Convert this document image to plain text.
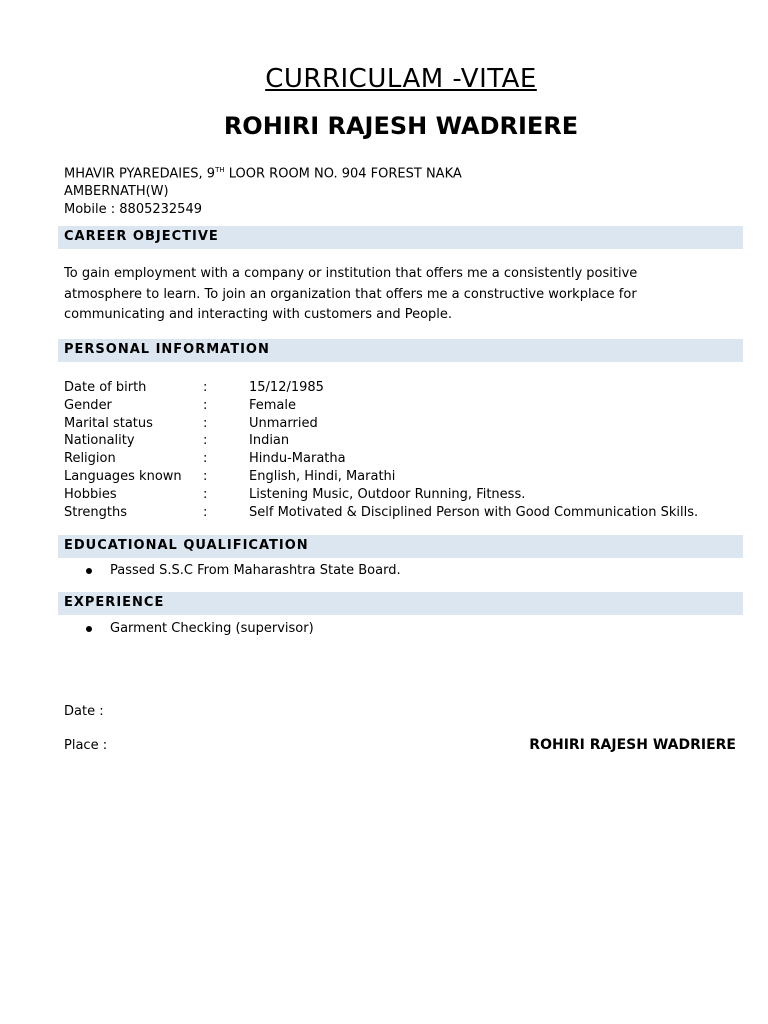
CURRICULAM -VITAE
ROHIRI RAJESH WADRIERE
MHAVIR PYAREDAIES, 9TH LOOR ROOM NO. 904 FOREST NAKA
AMBERNATH(W)
Mobile : 8805232549
CAREER OBJECTIVE
To gain employment with a company or institution that offers me a consistently positive
atmosphere to learn. To join an organization that offers me a constructive workplace for
communicating and interacting with customers and People.
PERSONAL INFORMATION
Date of birth	:	15/12/1985
Gender	:	Female
Marital status	:	Unmarried
Nationality	:	Indian
Religion	:	Hindu-Maratha
Languages known :	English, Hindi, Marathi
Hobbies	:	Listening Music, Outdoor Running, Fitness.
Strengths	:	Self Motivated & Disciplined Person with Good Communication Skills.
EDUCATIONAL QUALIFICATION
Passed S.S.C From Maharashtra State Board.
EXPERIENCE
Garment Checking (supervisor)
Date :
Place :	ROHIRI RAJESH WADRIERE
